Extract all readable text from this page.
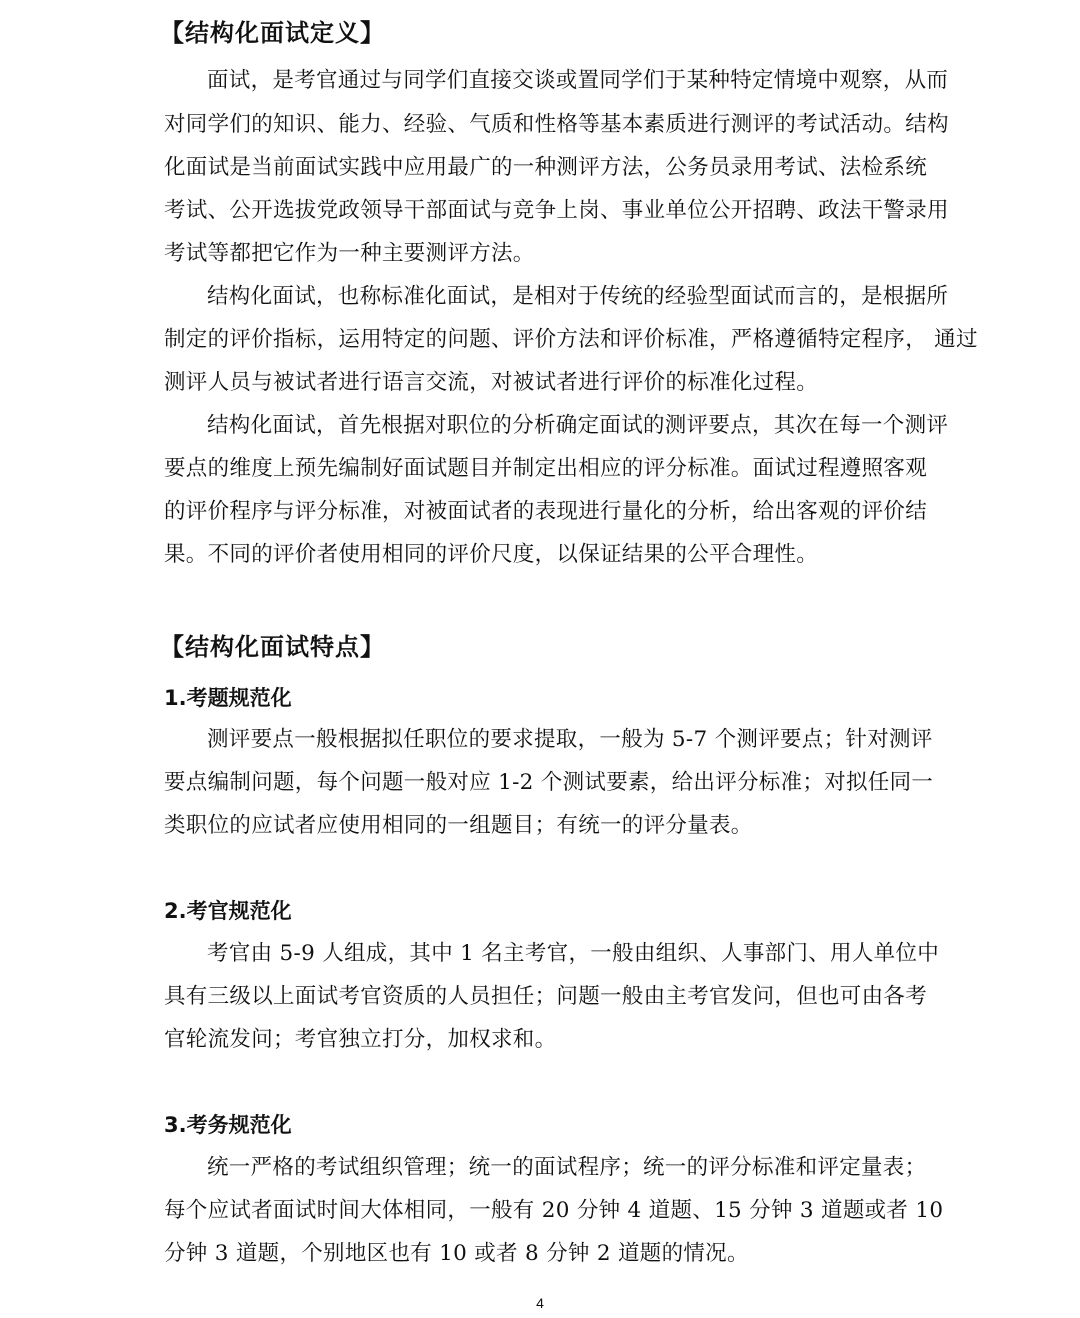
【结构化面试定义】
面试，是考官通过与同学们直接交谈或置同学们于某种特定情境中观察，从而
对同学们的知识、能力、经验、气质和性格等基本素质进行测评的考试活动。结构
化面试是当前面试实践中应用最广的一种测评方法，公务员录用考试、法检系统
考试、公开选拔党政领导干部面试与竞争上岗、事业单位公开招聘、政法干警录用
考试等都把它作为一种主要测评方法。
结构化面试，也称标准化面试，是相对于传统的经验型面试而言的，是根据所
制定的评价指标，运用特定的问题、评价方法和评价标准，严格遵循特定程序， 通过
测评人员与被试者进行语言交流，对被试者进行评价的标准化过程。
结构化面试，首先根据对职位的分析确定面试的测评要点，其次在每一个测评
要点的维度上预先编制好面试题目并制定出相应的评分标准。面试过程遵照客观
的评价程序与评分标准，对被面试者的表现进行量化的分析，给出客观的评价结
果。不同的评价者使用相同的评价尺度，以保证结果的公平合理性。
【结构化面试特点】
1.考题规范化
测评要点一般根据拟任职位的要求提取，一般为 5-7 个测评要点；针对测评
要点编制问题，每个问题一般对应 1-2 个测试要素，给出评分标准；对拟任同一
类职位的应试者应使用相同的一组题目；有统一的评分量表。
2.考官规范化
考官由 5-9 人组成，其中 1 名主考官，一般由组织、人事部门、用人单位中
具有三级以上面试考官资质的人员担任；问题一般由主考官发问，但也可由各考
官轮流发问；考官独立打分，加权求和。
3.考务规范化
统一严格的考试组织管理；统一的面试程序；统一的评分标准和评定量表；
每个应试者面试时间大体相同，一般有 20 分钟 4 道题、15 分钟 3 道题或者 10
分钟 3 道题，个别地区也有 10 或者 8 分钟 2 道题的情况。
4
